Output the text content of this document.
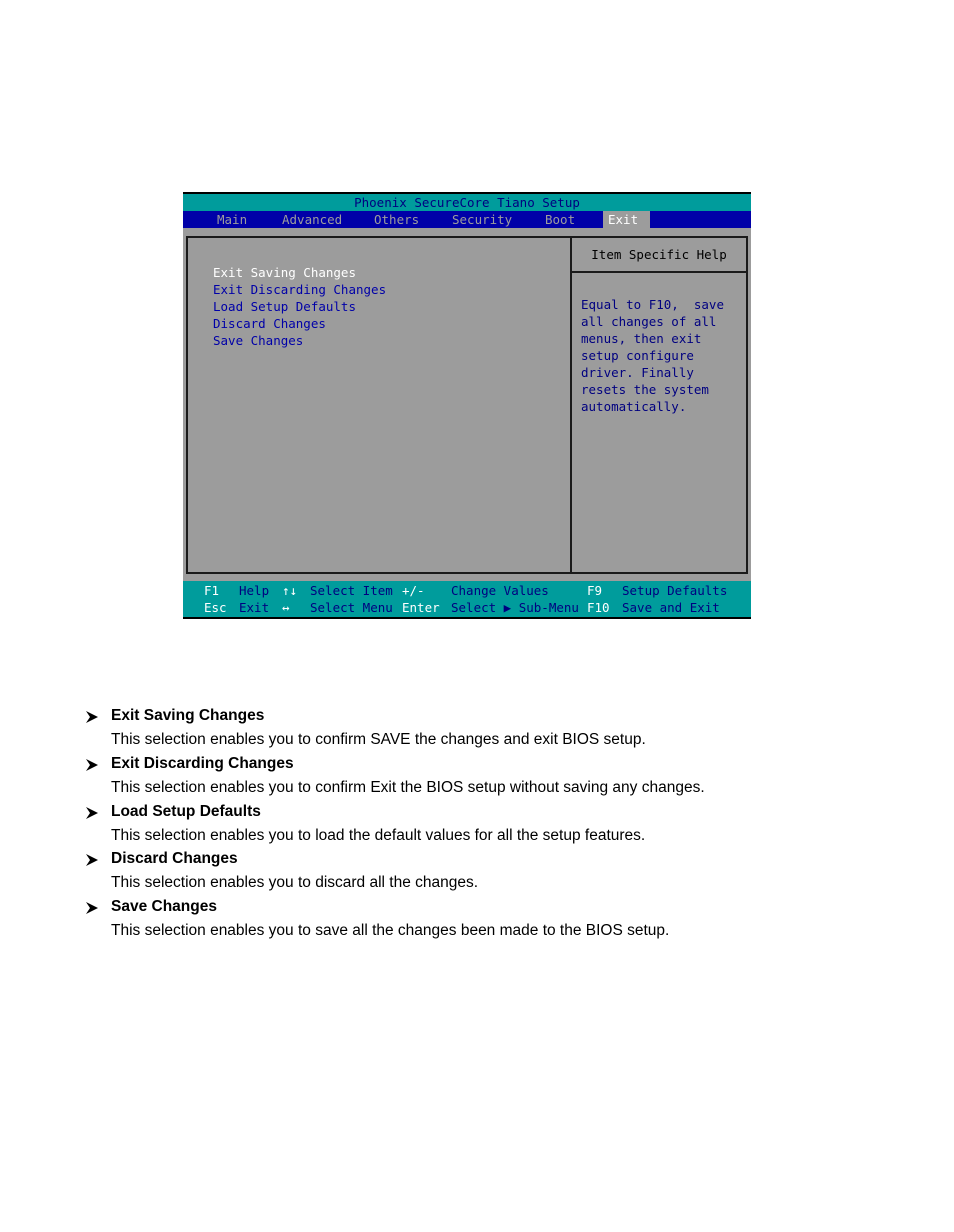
Phoenix SecureCore Tiano Setup
Main	Advanced	Others	Security	Boot	Exit
Exit Saving Changes
Exit Discarding Changes
Load Setup Defaults
Discard Changes
Save Changes
Item Specific Help
Equal to F10,  save
all changes of all
menus, then exit
setup configure
driver. Finally
resets the system
automatically.
F1 Help ↑↓ Select Item +/- Change Values	F9 Setup Defaults
Esc Exit ↔ Select Menu Enter Select ▶ Sub-Menu F10 Save and Exit
Exit Saving Changes
This selection enables you to confirm SAVE the changes and exit BIOS setup.
Exit Discarding Changes
This selection enables you to confirm Exit the BIOS setup without saving any changes.
Load Setup Defaults
This selection enables you to load the default values for all the setup features.
Discard Changes
This selection enables you to discard all the changes.
Save Changes
This selection enables you to save all the changes been made to the BIOS setup.
